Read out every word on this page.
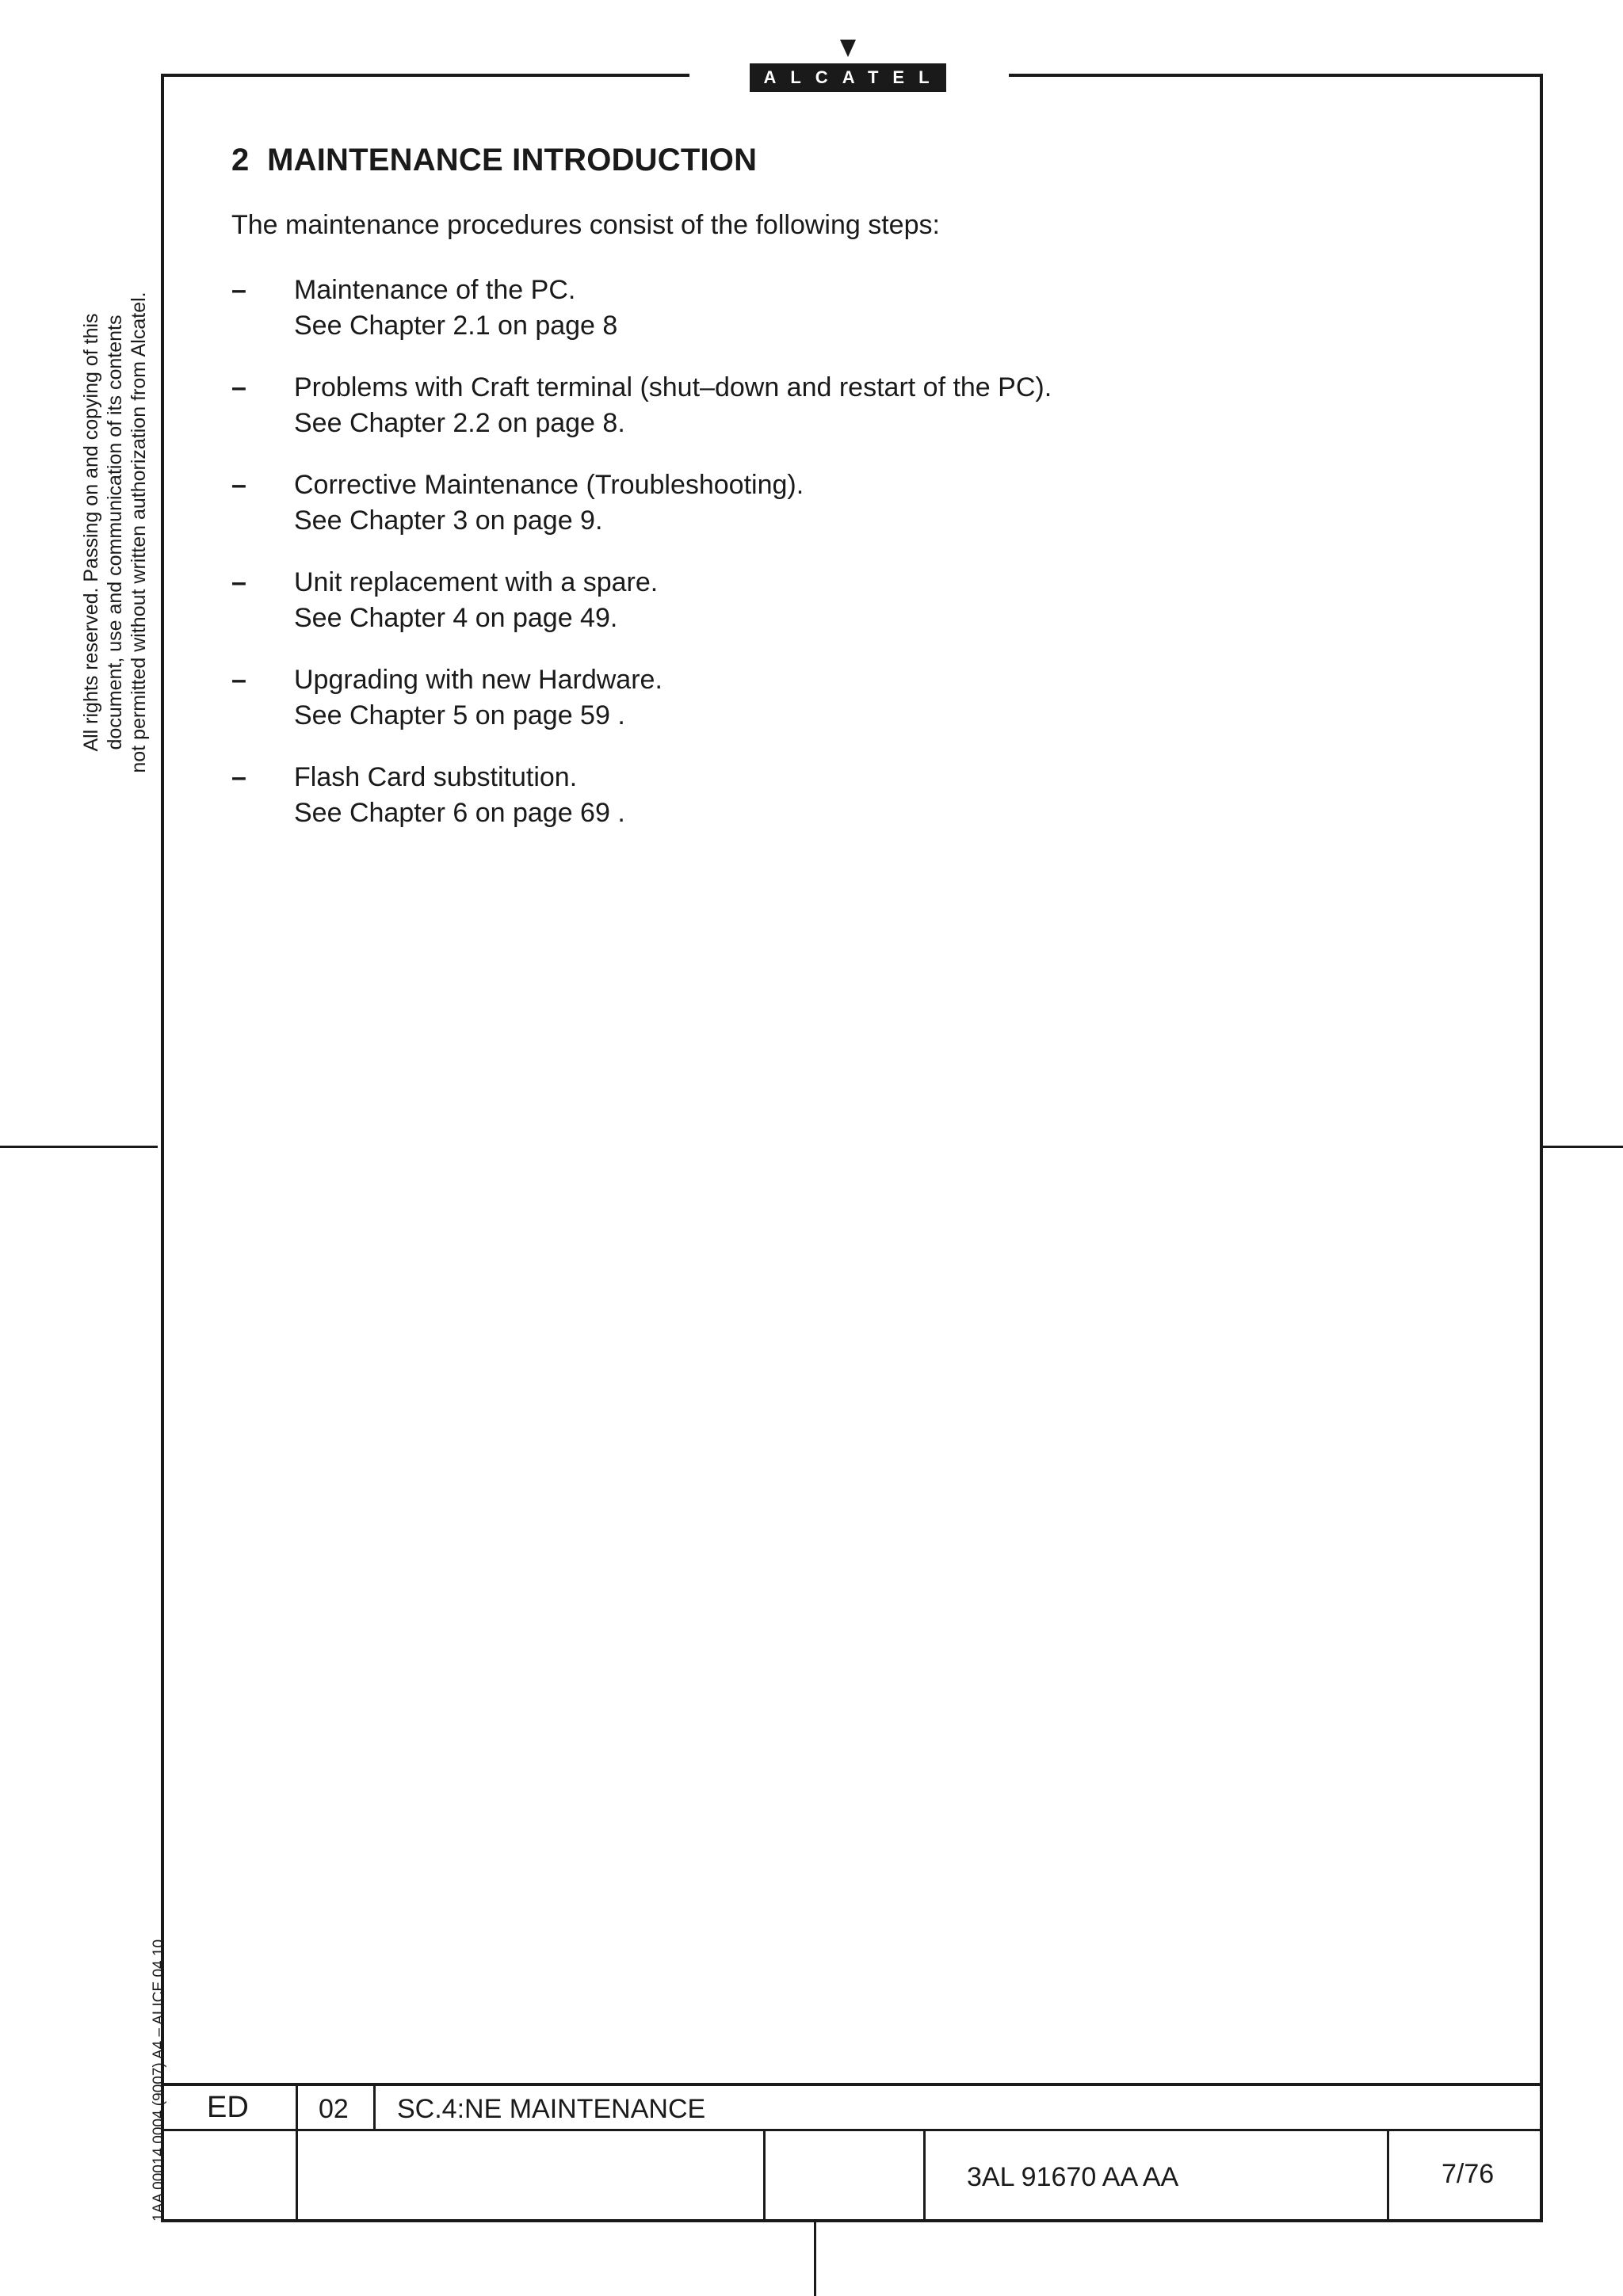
ALCATEL
All rights reserved. Passing on and copying of this document, use and communication of its contents not permitted without written authorization from Alcatel.
1AA 00014 0004 (9007) A4 – ALICE 04.10
2 MAINTENANCE INTRODUCTION

The maintenance procedures consist of the following steps:

– Maintenance of the PC.
See Chapter 2.1 on page 8
– Problems with Craft terminal (shut–down and restart of the PC).
See Chapter 2.2 on page 8.
– Corrective Maintenance (Troubleshooting).
See Chapter 3 on page 9.
– Unit replacement with a spare.
See Chapter 4 on page 49.
– Upgrading with new Hardware.
See Chapter 5 on page 59 .
– Flash Card substitution.
See Chapter 6 on page 69 .
ED	02 SC.4:NE MAINTENANCE
3AL 91670 AA AA	7/76
